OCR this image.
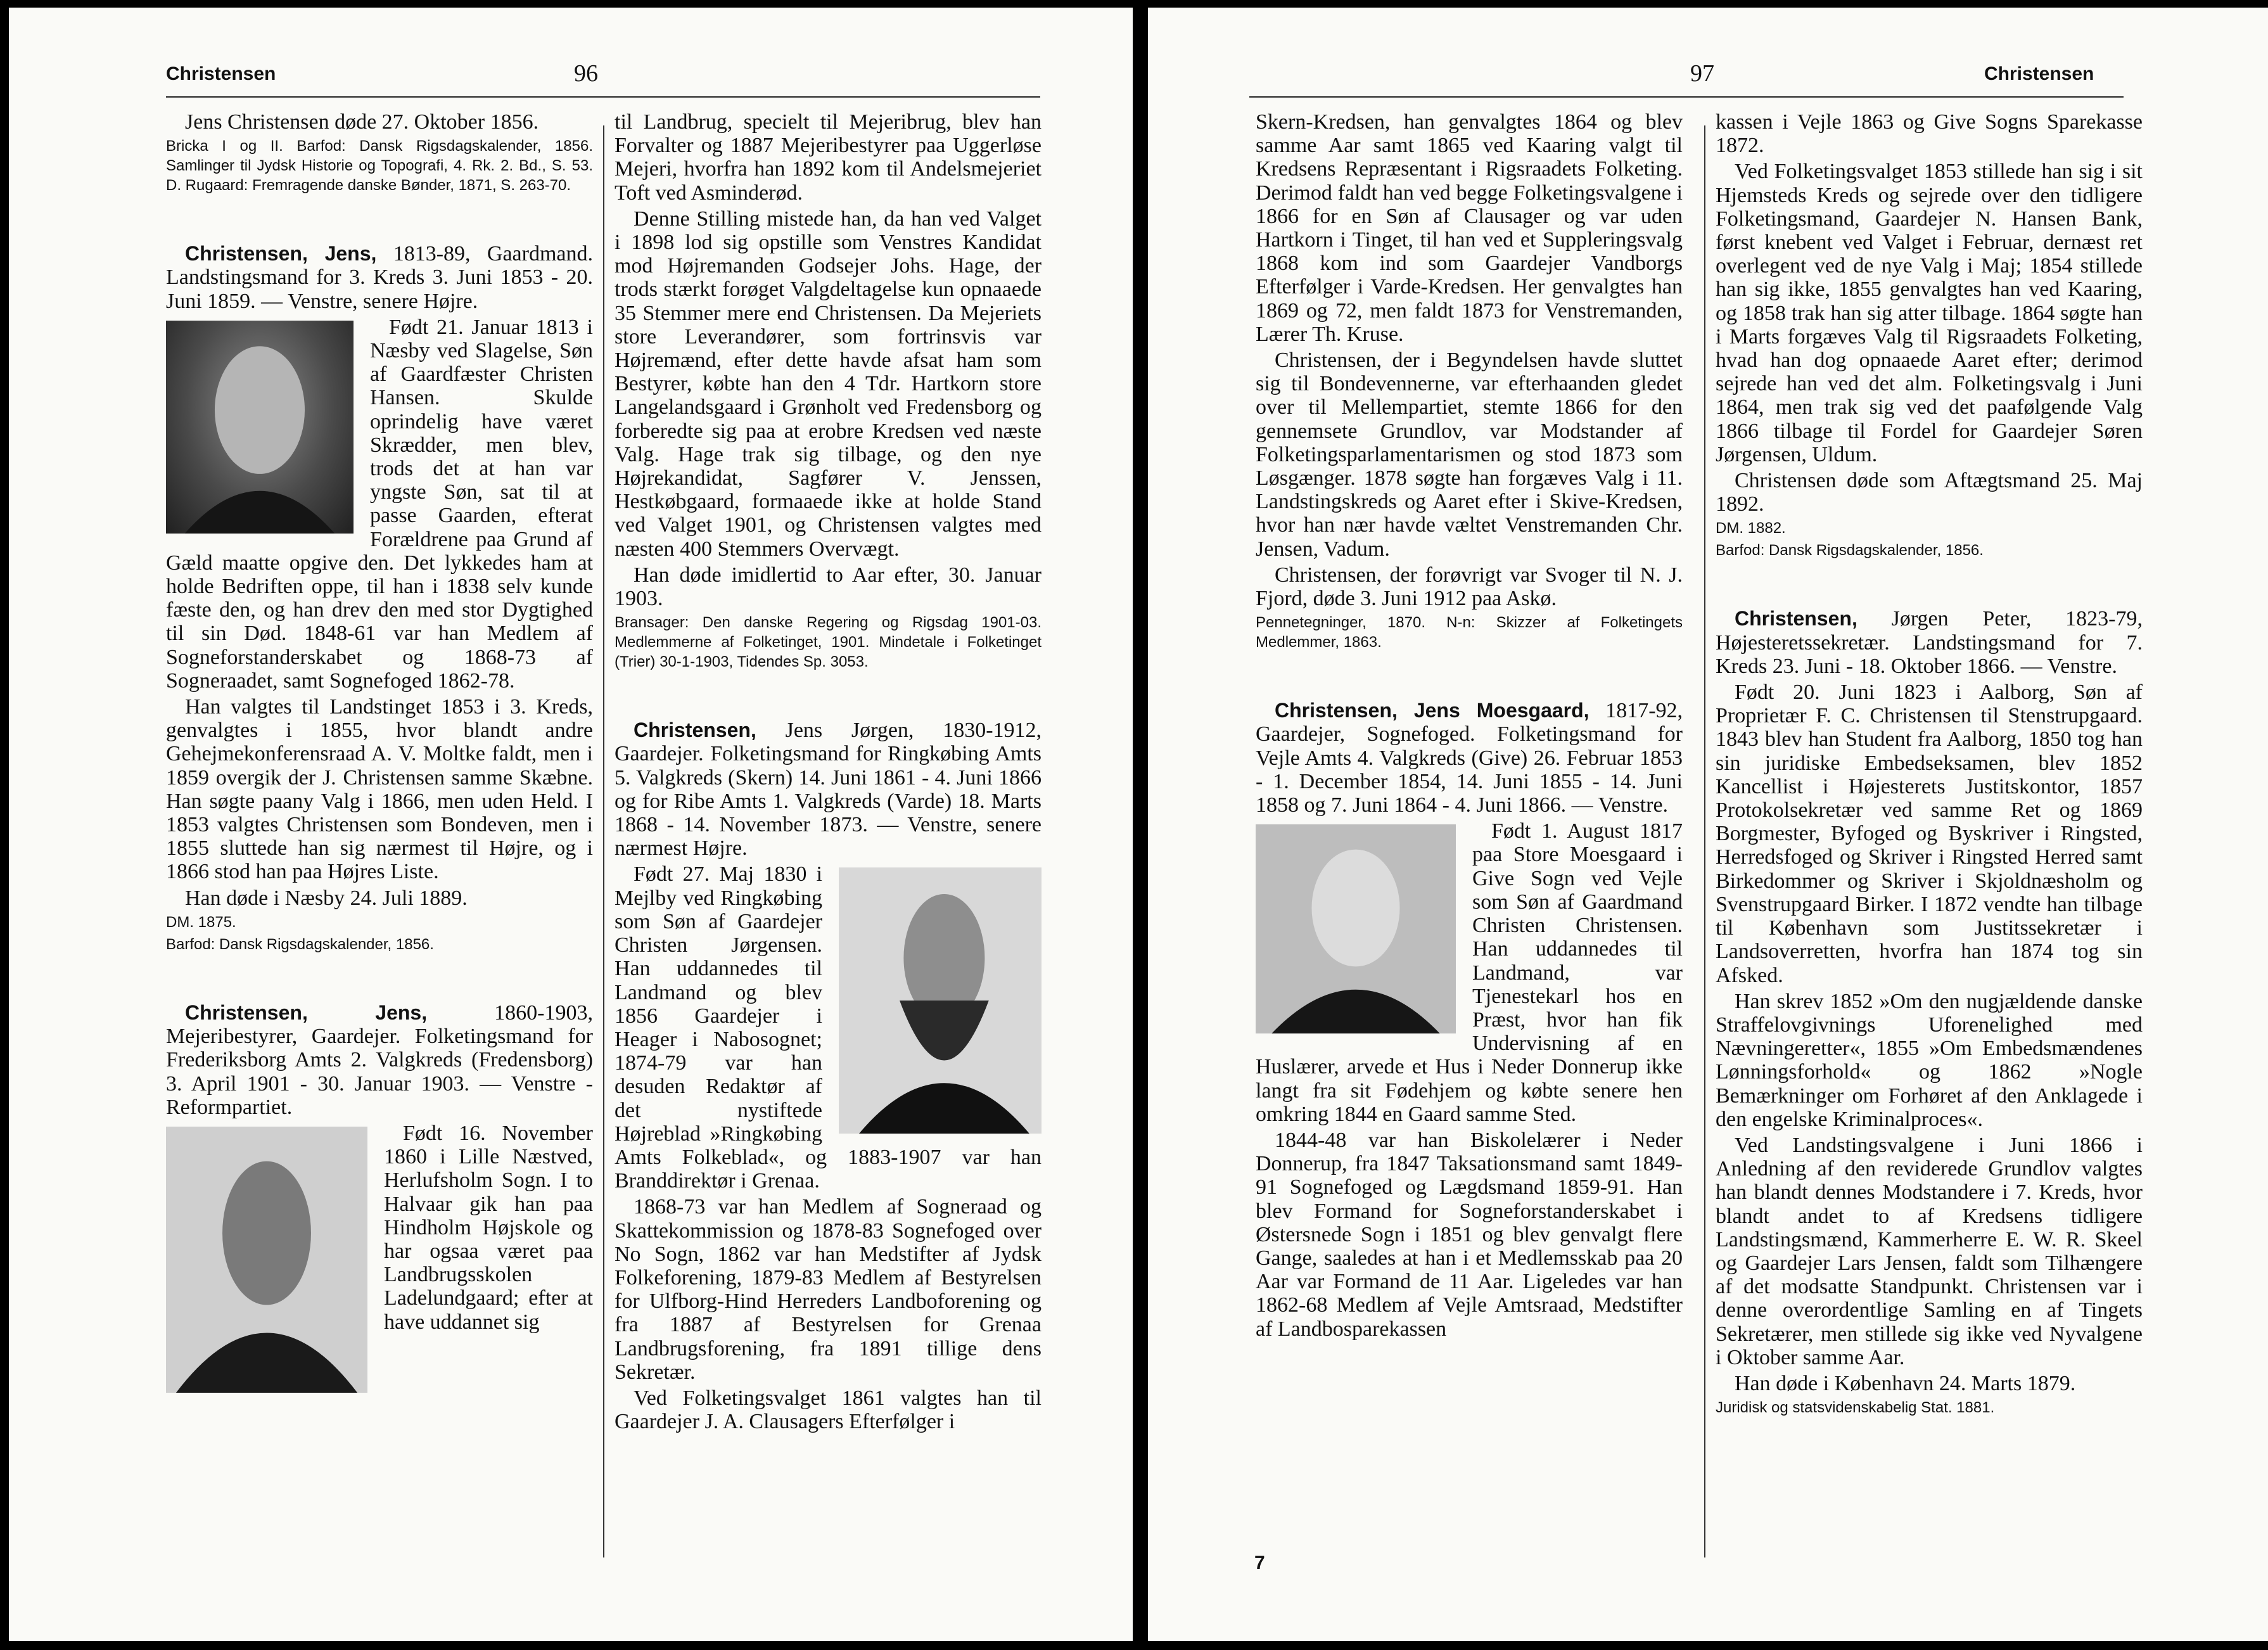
Christensen	96

Jens Christensen døde 27. Oktober 1856.

Bricka I og II. Barfod: Dansk Rigsdagskalender, 1856. Samlinger til Jydsk Historie og Topografi, 4. Rk. 2. Bd., S. 53. D. Rugaard: Fremragende danske Bønder, 1871, S. 263-70.

Christensen, Jens, 1813-89, Gaardmand. Landstingsmand for 3. Kreds 3. Juni 1853 - 20. Juni 1859. — Venstre, senere Højre.

Født 21. Januar 1813 i Næsby ved Slagelse, Søn af Gaardfæster Christen Hansen. Skulde oprindelig have været Skrædder, men blev, trods det at han var yngste Søn, sat til at passe Gaarden, efterat Forældrene paa Grund af Gæld maatte opgive den. Det lykkedes ham at holde Bedriften oppe, til han i 1838 selv kunde fæste den, og han drev den med stor Dygtighed til sin Død. 1848-61 var han Medlem af Sogneforstanderskabet og 1868-73 af Sogneraadet, samt Sognefoged 1862-78.

Han valgtes til Landstinget 1853 i 3. Kreds, genvalgtes i 1855, hvor blandt andre Gehejmekonferensraad A. V. Moltke faldt, men i 1859 overgik der J. Christensen samme Skæbne. Han søgte paany Valg i 1866, men uden Held. I 1853 valgtes Christensen som Bondeven, men i 1855 sluttede han sig nærmest til Højre, og i 1866 stod han paa Højres Liste.

Han døde i Næsby 24. Juli 1889.

DM. 1875.

Barfod: Dansk Rigsdagskalender, 1856.

Christensen, Jens,	1860-1903, Mejeribestyrer, Gaardejer. Folketingsmand for Frederiksborg Amts 2. Valgkreds (Fredensborg) 3. April 1901 - 30. Januar 1903. — Venstre - Reformpartiet.

Født 16. November 1860 i Lille Næstved, Herlufsholm Sogn. I to Halvaar gik han paa Hindholm Højskole og har ogsaa været paa Landbrugsskolen Ladelundgaard; efter at have uddannet sig

til Landbrug, specielt til Mejeribrug, blev han Forvalter og 1887 Mejeribestyrer paa Uggerløse Mejeri, hvorfra han 1892 kom til Andelsmejeriet Toft ved Asminderød.

Denne Stilling mistede han, da han ved Valget i 1898 lod sig opstille som Venstres Kandidat mod Højremanden Godsejer Johs. Hage, der trods stærkt forøget Valgdeltagelse kun opnaaede 35 Stemmer mere end Christensen. Da Mejeriets store Leverandører, som fortrinsvis var Højremænd, efter dette havde afsat ham som Bestyrer, købte han den 4 Tdr. Hartkorn store Langelandsgaard i Grønholt ved Fredensborg og forberedte sig paa at erobre Kredsen ved næste Valg. Hage trak sig tilbage, og den nye Højrekandidat, Sagfører V. Jenssen, Hestkøbgaard, formaaede ikke at holde Stand ved Valget 1901, og Christensen valgtes med næsten 400 Stemmers Overvægt.

Han døde imidlertid to Aar efter, 30. Januar 1903.

Bransager: Den danske Regering og Rigsdag 1901-03. Medlemmerne af Folketinget, 1901. Mindetale i Folketinget (Trier) 30-1-1903, Tidendes Sp. 3053.

Christensen, Jens Jørgen, 1830-1912, Gaardejer. Folketingsmand for Ringkøbing Amts 5. Valgkreds (Skern) 14. Juni 1861 - 4. Juni 1866 og for Ribe Amts 1. Valgkreds (Varde) 18. Marts 1868 - 14. November 1873. — Venstre, senere nærmest Højre.

Født 27. Maj 1830 i Mejlby ved Ringkøbing som Søn af Gaardejer Christen Jørgensen. Han uddannedes til Landmand og blev 1856 Gaardejer i Heager i Nabosognet; 1874-79 var han desuden Redaktør af det nystiftede Højreblad »Ringkøbing Amts Folkeblad«, og 1883-1907 var han Branddirektør i Grenaa.

1868-73 var han Medlem af Sogneraad og Skattekommission og 1878-83 Sognefoged over No Sogn, 1862 var han Medstifter af Jydsk Folkeforening, 1879-83 Medlem af Bestyrelsen for Ulfborg-Hind Herreders Landboforening og fra 1887 af Bestyrelsen for Grenaa Landbrugsforening, fra 1891 tillige dens Sekretær.

Ved Folketingsvalget 1861 valgtes han til Gaardejer J. A. Clausagers Efterfølger i

97	Christensen

Skern-Kredsen, han genvalgtes 1864 og blev samme Aar samt 1865 ved Kaaring valgt til Kredsens Repræsentant i Rigsraadets Folketing. Derimod faldt han ved begge Folketingsvalgene i 1866 for en Søn af Clausager og var uden Hartkorn i Tinget, til han ved et Suppleringsvalg 1868 kom ind som Gaardejer Vandborgs Efterfølger i Varde-Kredsen. Her genvalgtes han 1869 og 72, men faldt 1873 for Venstremanden, Lærer Th. Kruse.

Christensen, der i Begyndelsen havde sluttet sig til Bondevennerne, var efterhaanden gledet over til Mellempartiet, stemte 1866 for den gennemsete Grundlov, var Modstander af Folketingsparlamentarismen og stod 1873 som Løsgænger. 1878 søgte han forgæves Valg i 11. Landstingskreds og Aaret efter i Skive-Kredsen, hvor han nær havde væltet Venstremanden Chr. Jensen, Vadum.

Christensen, der forøvrigt var Svoger til N. J. Fjord, døde 3. Juni 1912 paa Askø.

Pennetegninger, 1870. N-n: Skizzer af Folketingets Medlemmer, 1863.

Christensen, Jens Moesgaard, 1817-92, Gaardejer, Sognefoged. Folketingsmand for Vejle Amts 4. Valgkreds (Give) 26. Februar 1853 - 1. December 1854, 14. Juni 1855 - 14. Juni 1858 og 7. Juni 1864 - 4. Juni 1866. — Venstre.

Født 1. August 1817 paa Store Moesgaard i Give Sogn ved Vejle som Søn af Gaardmand Christen Christensen. Han uddannedes til Landmand, var Tjenestekarl hos en Præst, hvor han fik Undervisning af en Huslærer, arvede et Hus i Neder Donnerup ikke langt fra sit Fødehjem og købte senere hen omkring 1844 en Gaard samme Sted.

1844-48 var han Biskolelærer i Neder Donnerup, fra 1847 Taksationsmand samt 1849-91 Sognefoged og Lægdsmand 1859-91. Han blev Formand for Sogneforstanderskabet i Østersnede Sogn i 1851 og blev genvalgt flere Gange, saaledes at han i et Medlemsskab paa 20 Aar var Formand de 11 Aar. Ligeledes var han 1862-68 Medlem af Vejle Amtsraad, Medstifter af Landbosparekassen

kassen i Vejle 1863 og Give Sogns Sparekasse 1872.

Ved Folketingsvalget 1853 stillede han sig i sit Hjemsteds Kreds og sejrede over den tidligere Folketingsmand, Gaardejer N. Hansen Bank, først knebent ved Valget i Februar, dernæst ret overlegent ved de nye Valg i Maj; 1854 stillede han sig ikke, 1855 genvalgtes han ved Kaaring, og 1858 trak han sig atter tilbage. 1864 søgte han i Marts forgæves Valg til Rigsraadets Folketing, hvad han dog opnaaede Aaret efter; derimod sejrede han ved det alm. Folketingsvalg i Juni 1864, men trak sig ved det paafølgende Valg 1866 tilbage til Fordel for Gaardejer Søren Jørgensen, Uldum.

Christensen døde som Aftægtsmand 25. Maj 1892.

DM. 1882.

Barfod: Dansk Rigsdagskalender, 1856.

Christensen, Jørgen Peter, 1823-79, Højesteretssekretær. Landstingsmand for 7. Kreds 23. Juni - 18. Oktober 1866. — Venstre.

Født 20. Juni 1823 i Aalborg, Søn af Proprietær F. C. Christensen til Stenstrupgaard. 1843 blev han Student fra Aalborg, 1850 tog han sin juridiske Embedseksamen, blev 1852 Kancellist i Højesterets Justitskontor, 1857 Protokolsekretær ved samme Ret og 1869 Borgmester, Byfoged og Byskriver i Ringsted, Herredsfoged og Skriver i Ringsted Herred samt Birkedommer og Skriver i Skjoldnæsholm og Svenstrupgaard Birker. I 1872 vendte han tilbage til København som Justitssekretær i Landsoverretten, hvorfra han 1874 tog sin Afsked.

Han skrev 1852 »Om den nugjældende danske Straffelovgivnings Uforenelighed med Nævningeretter«, 1855 »Om Embedsmændenes Lønningsforhold« og 1862 »Nogle Bemærkninger om Forhøret af den Anklagede i den engelske Kriminalproces«.

Ved Landstingsvalgene i Juni 1866 i Anledning af den reviderede Grundlov valgtes han blandt dennes Modstandere i 7. Kreds, hvor blandt andet to af Kredsens tidligere Landstingsmænd, Kammerherre E. W. R. Skeel og Gaardejer Lars Jensen, faldt som Tilhængere af det modsatte Standpunkt. Christensen var i denne overordentlige Samling en af Tingets Sekretærer, men stillede sig ikke ved Nyvalgene i Oktober samme Aar.

Han døde i København 24. Marts 1879.

Juridisk og statsvidenskabelig Stat. 1881.

7
